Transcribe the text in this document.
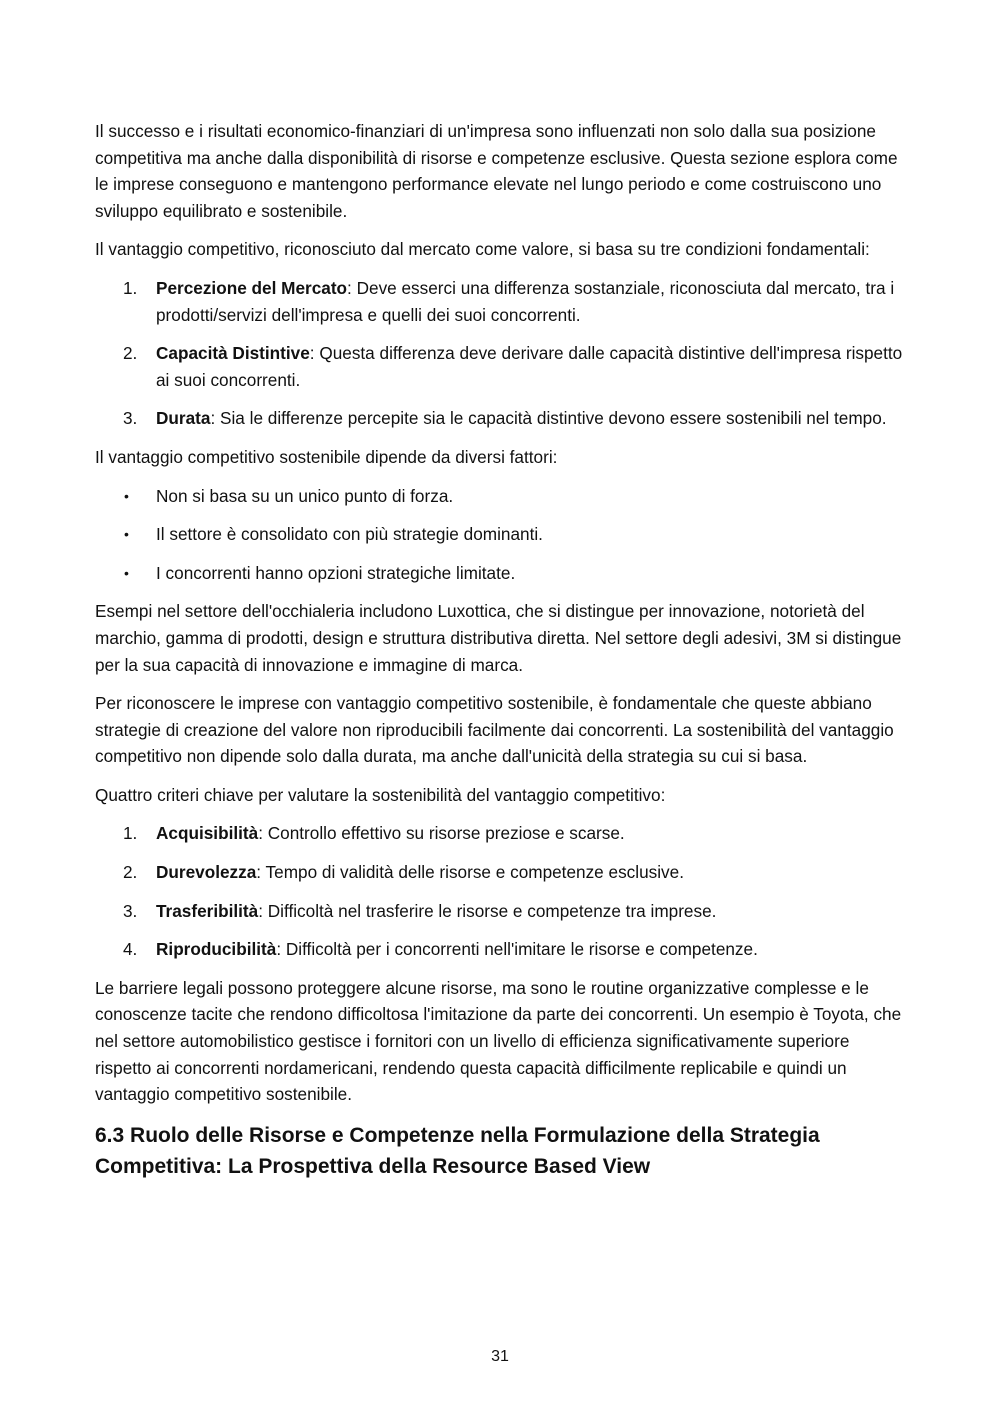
Il successo e i risultati economico-finanziari di un'impresa sono influenzati non solo dalla sua posizione competitiva ma anche dalla disponibilità di risorse e competenze esclusive. Questa sezione esplora come le imprese conseguono e mantengono performance elevate nel lungo periodo e come costruiscono uno sviluppo equilibrato e sostenibile.

Il vantaggio competitivo, riconosciuto dal mercato come valore, si basa su tre condizioni fondamentali:

1. Percezione del Mercato: Deve esserci una differenza sostanziale, riconosciuta dal mercato, tra i prodotti/servizi dell'impresa e quelli dei suoi concorrenti.
2. Capacità Distintive: Questa differenza deve derivare dalle capacità distintive dell'impresa rispetto ai suoi concorrenti.
3. Durata: Sia le differenze percepite sia le capacità distintive devono essere sostenibili nel tempo.

Il vantaggio competitivo sostenibile dipende da diversi fattori:

• Non si basa su un unico punto di forza.
• Il settore è consolidato con più strategie dominanti.
• I concorrenti hanno opzioni strategiche limitate.

Esempi nel settore dell'occhialeria includono Luxottica, che si distingue per innovazione, notorietà del marchio, gamma di prodotti, design e struttura distributiva diretta. Nel settore degli adesivi, 3M si distingue per la sua capacità di innovazione e immagine di marca.

Per riconoscere le imprese con vantaggio competitivo sostenibile, è fondamentale che queste abbiano strategie di creazione del valore non riproducibili facilmente dai concorrenti. La sostenibilità del vantaggio competitivo non dipende solo dalla durata, ma anche dall'unicità della strategia su cui si basa.

Quattro criteri chiave per valutare la sostenibilità del vantaggio competitivo:

1. Acquisibilità: Controllo effettivo su risorse preziose e scarse.
2. Durevolezza: Tempo di validità delle risorse e competenze esclusive.
3. Trasferibilità: Difficoltà nel trasferire le risorse e competenze tra imprese.
4. Riproducibilità: Difficoltà per i concorrenti nell'imitare le risorse e competenze.

Le barriere legali possono proteggere alcune risorse, ma sono le routine organizzative complesse e le conoscenze tacite che rendono difficoltosa l'imitazione da parte dei concorrenti. Un esempio è Toyota, che nel settore automobilistico gestisce i fornitori con un livello di efficienza significativamente superiore rispetto ai concorrenti nordamericani, rendendo questa capacità difficilmente replicabile e quindi un vantaggio competitivo sostenibile.

6.3 Ruolo delle Risorse e Competenze nella Formulazione della Strategia Competitiva: La Prospettiva della Resource Based View
31
